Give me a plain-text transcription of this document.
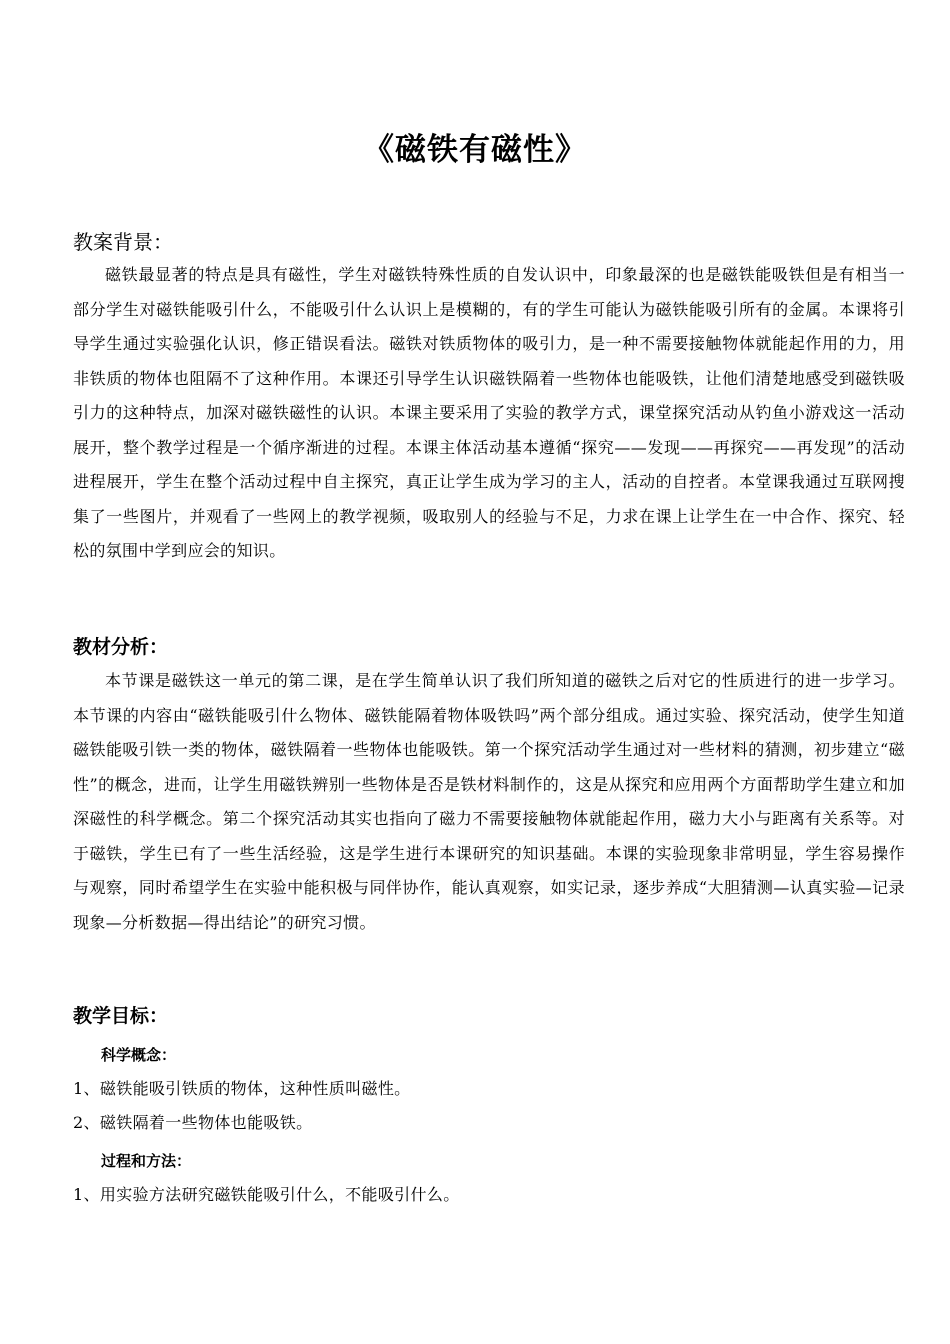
《磁铁有磁性》
教案背景：
磁铁最显著的特点是具有磁性，学生对磁铁特殊性质的自发认识中，印象最深的也是磁铁能吸铁但是有相当一部分学生对磁铁能吸引什么，不能吸引什么认识上是模糊的，有的学生可能认为磁铁能吸引所有的金属。本课将引导学生通过实验强化认识，修正错误看法。磁铁对铁质物体的吸引力，是一种不需要接触物体就能起作用的力，用非铁质的物体也阻隔不了这种作用。本课还引导学生认识磁铁隔着一些物体也能吸铁，让他们清楚地感受到磁铁吸引力的这种特点，加深对磁铁磁性的认识。本课主要采用了实验的教学方式，课堂探究活动从钓鱼小游戏这一活动展开，整个教学过程是一个循序渐进的过程。本课主体活动基本遵循“探究——发现——再探究——再发现”的活动进程展开，学生在整个活动过程中自主探究，真正让学生成为学习的主人，活动的自控者。本堂课我通过互联网搜集了一些图片，并观看了一些网上的教学视频，吸取别人的经验与不足，力求在课上让学生在一中合作、探究、轻松的氛围中学到应会的知识。
教材分析：
本节课是磁铁这一单元的第二课，是在学生简单认识了我们所知道的磁铁之后对它的性质进行的进一步学习。本节课的内容由“磁铁能吸引什么物体、磁铁能隔着物体吸铁吗”两个部分组成。通过实验、探究活动，使学生知道磁铁能吸引铁一类的物体，磁铁隔着一些物体也能吸铁。第一个探究活动学生通过对一些材料的猜测，初步建立“磁性”的概念，进而，让学生用磁铁辨别一些物体是否是铁材料制作的，这是从探究和应用两个方面帮助学生建立和加深磁性的科学概念。第二个探究活动其实也指向了磁力不需要接触物体就能起作用，磁力大小与距离有关系等。对于磁铁，学生已有了一些生活经验，这是学生进行本课研究的知识基础。本课的实验现象非常明显，学生容易操作与观察，同时希望学生在实验中能积极与同伴协作，能认真观察，如实记录，逐步养成“大胆猜测—认真实验—记录现象—分析数据—得出结论”的研究习惯。
教学目标：
科学概念：
1、磁铁能吸引铁质的物体，这种性质叫磁性。
2、磁铁隔着一些物体也能吸铁。
过程和方法：
1、用实验方法研究磁铁能吸引什么，不能吸引什么。
